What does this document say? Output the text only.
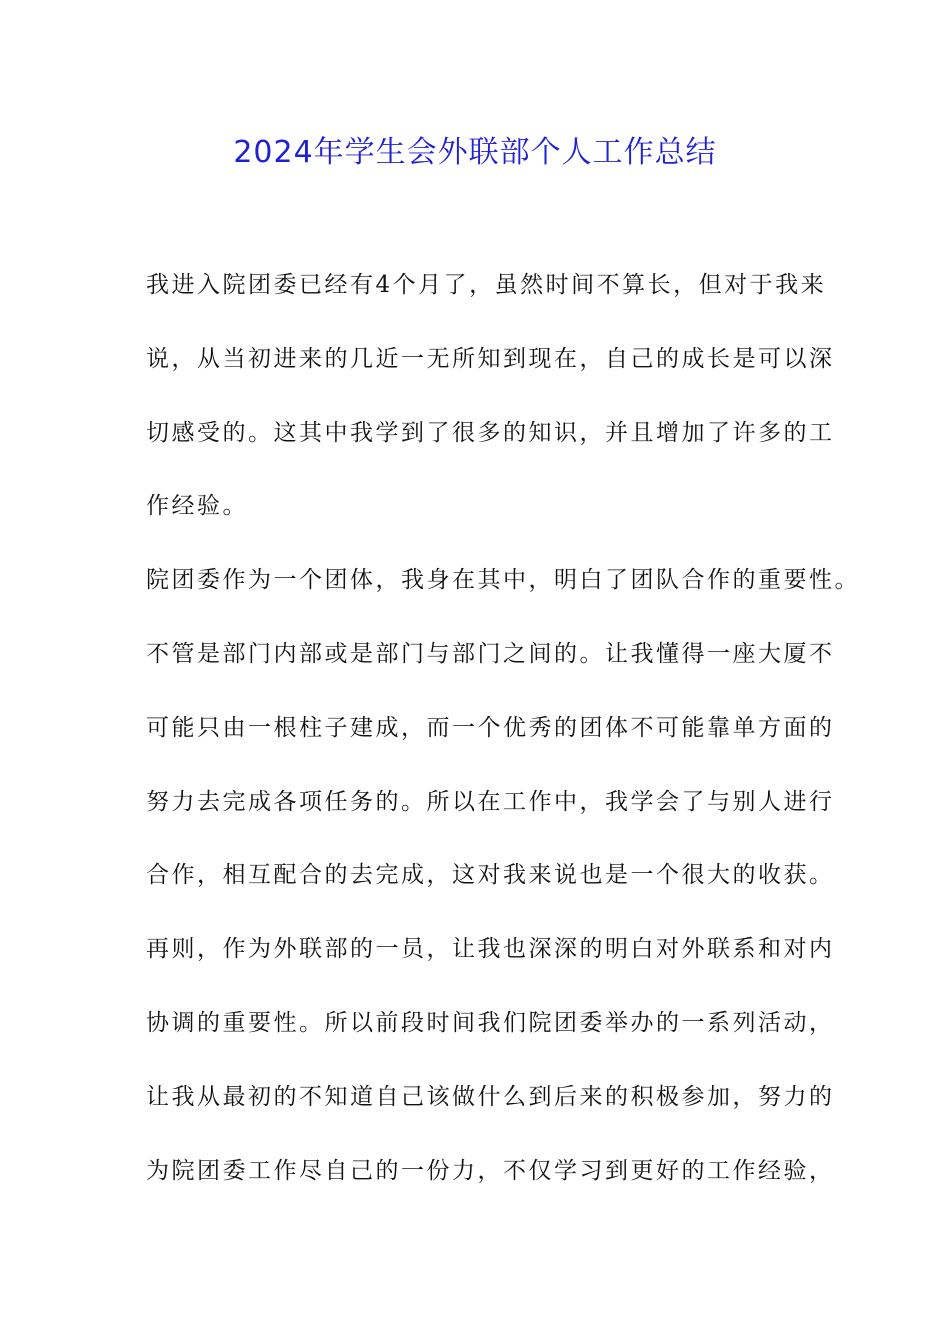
2024年学生会外联部个人工作总结
我进入院团委已经有4个月了，虽然时间不算长，但对于我来
说，从当初进来的几近一无所知到现在，自己的成长是可以深
切感受的。这其中我学到了很多的知识，并且增加了许多的工
作经验。
院团委作为一个团体，我身在其中，明白了团队合作的重要性。
不管是部门内部或是部门与部门之间的。让我懂得一座大厦不
可能只由一根柱子建成，而一个优秀的团体不可能靠单方面的
努力去完成各项任务的。所以在工作中，我学会了与别人进行
合作，相互配合的去完成，这对我来说也是一个很大的收获。
再则，作为外联部的一员，让我也深深的明白对外联系和对内
协调的重要性。所以前段时间我们院团委举办的一系列活动，
让我从最初的不知道自己该做什么到后来的积极参加，努力的
为院团委工作尽自己的一份力，不仅学习到更好的工作经验，
